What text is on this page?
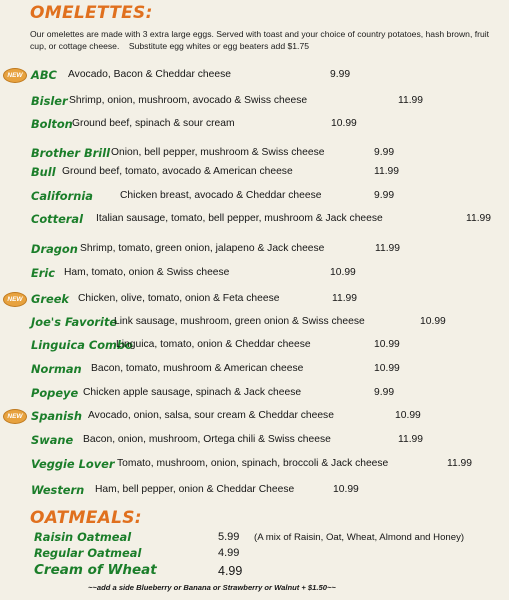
OMELETTES:
Our omelettes are made with 3 extra large eggs. Served with toast and your choice of country potatoes, hash brown, fruit cup, or cottage cheese.    Substitute egg whites or egg beaters add $1.75
NEW ABC Avocado, Bacon & Cheddar cheese	9.99
Bisler Shrimp, onion, mushroom, avocado & Swiss cheese	11.99
Bolton Ground beef, spinach & sour cream	10.99
Brother Brill Onion, bell pepper, mushroom & Swiss cheese	9.99
Bull Ground beef, tomato, avocado & American cheese	11.99
California	Chicken breast, avocado & Cheddar cheese	9.99
Cotteral Italian sausage, tomato, bell pepper, mushroom & Jack cheese	11.99
Dragon Shrimp, tomato, green onion, jalapeno & Jack cheese	11.99
Eric Ham, tomato, onion & Swiss cheese	10.99
NEW Greek Chicken, olive, tomato, onion & Feta cheese	11.99
Joe's Favorite
Link sausage, mushroom, green onion & Swiss cheese	10.99
Linguica Combo
Linguica, tomato, onion & Cheddar cheese	10.99
Norman Bacon, tomato, mushroom & American cheese	10.99
Popeye Chicken apple sausage, spinach & Jack cheese	9.99
NEW Spanish Avocado, onion, salsa, sour cream & Cheddar cheese	10.99
Swane Bacon, onion, mushroom, Ortega chili & Swiss cheese	11.99
Veggie Lover Tomato, mushroom, onion, spinach, broccoli & Jack cheese	11.99
Western Ham, bell pepper, onion & Cheddar Cheese	10.99
OATMEALS:
Raisin Oatmeal	5.99 (A mix of Raisin, Oat, Wheat, Almond and Honey)
Regular Oatmeal	4.99
Cream of Wheat	4.99
~~add a side Blueberry or Banana or Strawberry or Walnut + $1.50~~
